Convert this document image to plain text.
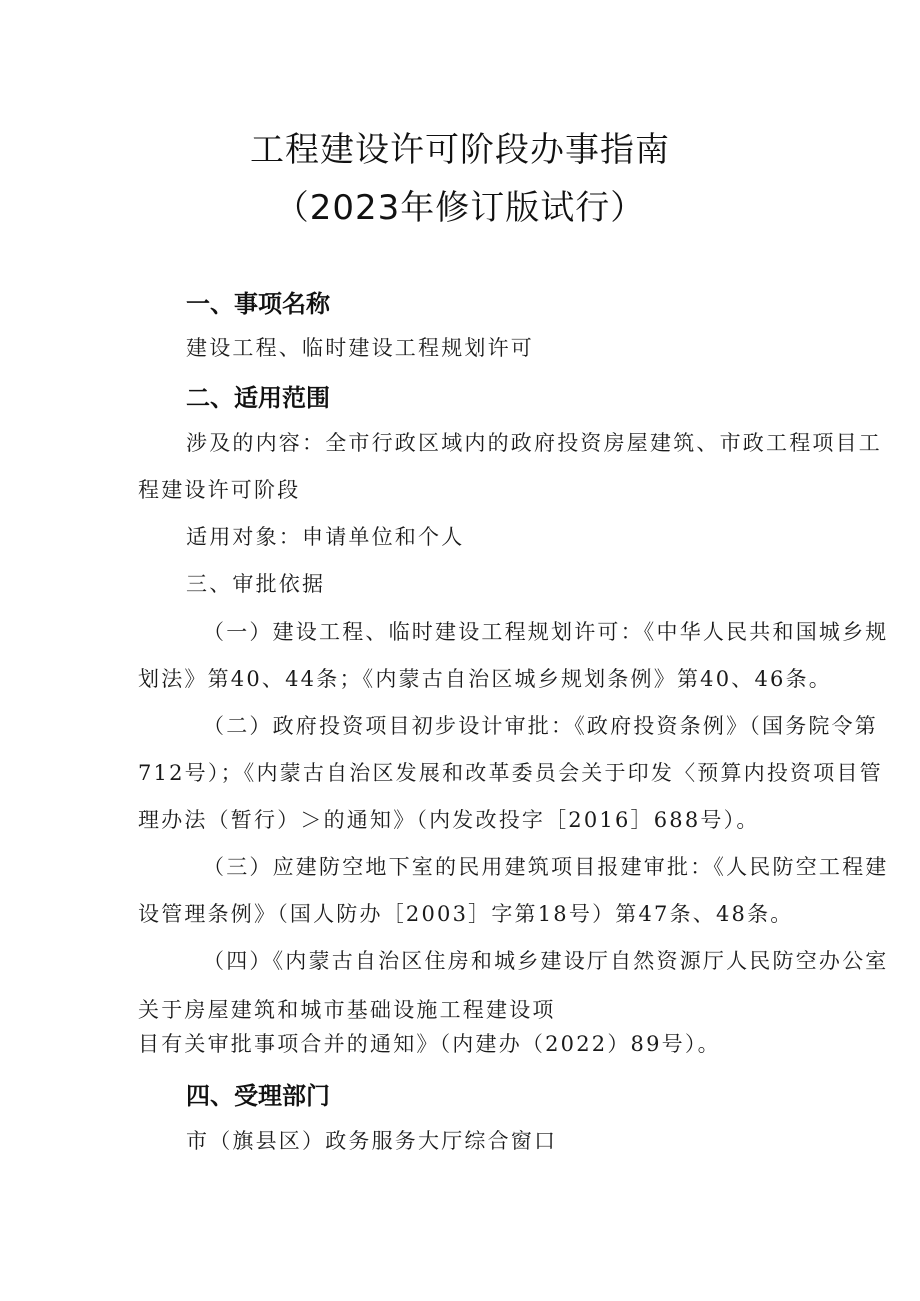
工程建设许可阶段办事指南
（2023年修订版试行）
一、事项名称
建设工程、临时建设工程规划许可
二、适用范围
涉及的内容：全市行政区域内的政府投资房屋建筑、市政工程项目工
程建设许可阶段
适用对象：申请单位和个人
三、审批依据
（一）建设工程、临时建设工程规划许可：《中华人民共和国城乡规
划法》第40、44条；《内蒙古自治区城乡规划条例》第40、46条。
（二）政府投资项目初步设计审批：《政府投资条例》（国务院令第
712号）；《内蒙古自治区发展和改革委员会关于印发〈预算内投资项目管
理办法（暂行）＞的通知》（内发改投字［2016］688号）。
（三）应建防空地下室的民用建筑项目报建审批：《人民防空工程建
设管理条例》（国人防办［2003］字第18号）第47条、48条。
（四）《内蒙古自治区住房和城乡建设厅自然资源厅人民防空办公室
关于房屋建筑和城市基础设施工程建设项
目有关审批事项合并的通知》（内建办（2022）89号）。
四、受理部门
市（旗县区）政务服务大厅综合窗口
